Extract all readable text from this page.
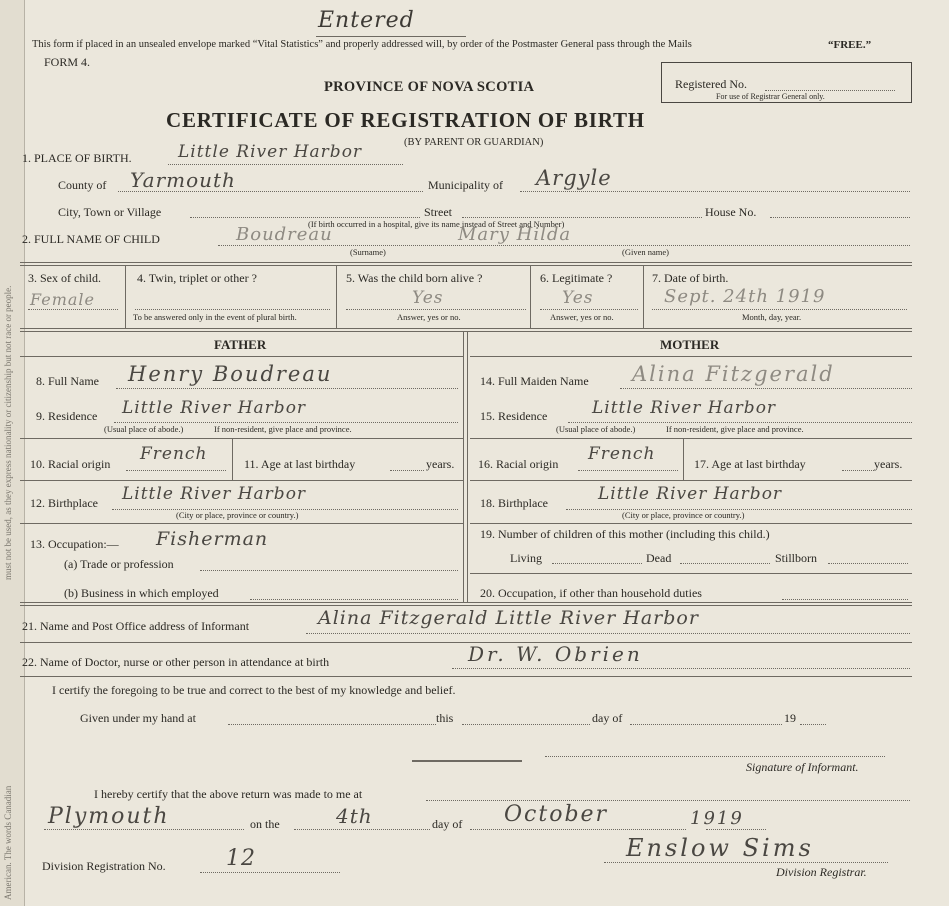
must not be used, as they express nationality or citizenship but not race or people.
American. The words Canadian
Entered
This form if placed in an unsealed envelope marked “Vital Statistics” and properly addressed will, by order of the Postmaster General pass through the Mails	“FREE.”
FORM 4.
Registered No.
For use of Registrar General only.
PROVINCE OF NOVA SCOTIA
CERTIFICATE OF REGISTRATION OF BIRTH
(BY PARENT OR GUARDIAN)
1. PLACE OF BIRTH.	Little River Harbor
County of Yarmouth	Municipality of Argyle
City, Town or Village	Street	House No.
(If birth occurred in a hospital, give its name instead of Street and Number)
2. FULL NAME OF CHILD	Boudreau	Mary Hilda
(Surname)	(Given name)
3. Sex of child.
Female
4. Twin, triplet or other ?
To be answered only in the event of plural birth.
5. Was the child born alive ?
Yes
Answer, yes or no.
6. Legitimate ?
Yes
Answer, yes or no.
7. Date of birth.
Sept. 24th 1919
Month, day, year.
FATHER	MOTHER
8. Full Name Henry Boudreau
9. Residence Little River Harbor
(Usual place of abode.)	If non-resident, give place and province.
10. Racial origin French	11. Age at last birthday	years.
12. Birthplace Little River Harbor
(City or place, province or country.)
13. Occupation:— Fisherman
(a) Trade or profession
(b) Business in which employed
14. Full Maiden Name Alina Fitzgerald
15. Residence	Little River Harbor
(Usual place of abode.)	If non-resident, give place and province.
16. Racial origin French	17. Age at last birthday	years.
18. Birthplace	Little River Harbor
(City or place, province or country.)
19. Number of children of this mother (including this child.)
Living	Dead	Stillborn
20. Occupation, if other than household duties
21. Name and Post Office address of Informant	Alina Fitzgerald Little River Harbor
22. Name of Doctor, nurse or other person in attendance at birth	Dr. W. Obrien
I certify the foregoing to be true and correct to the best of my knowledge and belief.
Given under my hand at	this	day of	19
Signature of Informant.
I hereby certify that the above return was made to me at
Plymouth	on the	4th	day of October	1919
Division Registration No.	12	Enslow Sims
Division Registrar.
